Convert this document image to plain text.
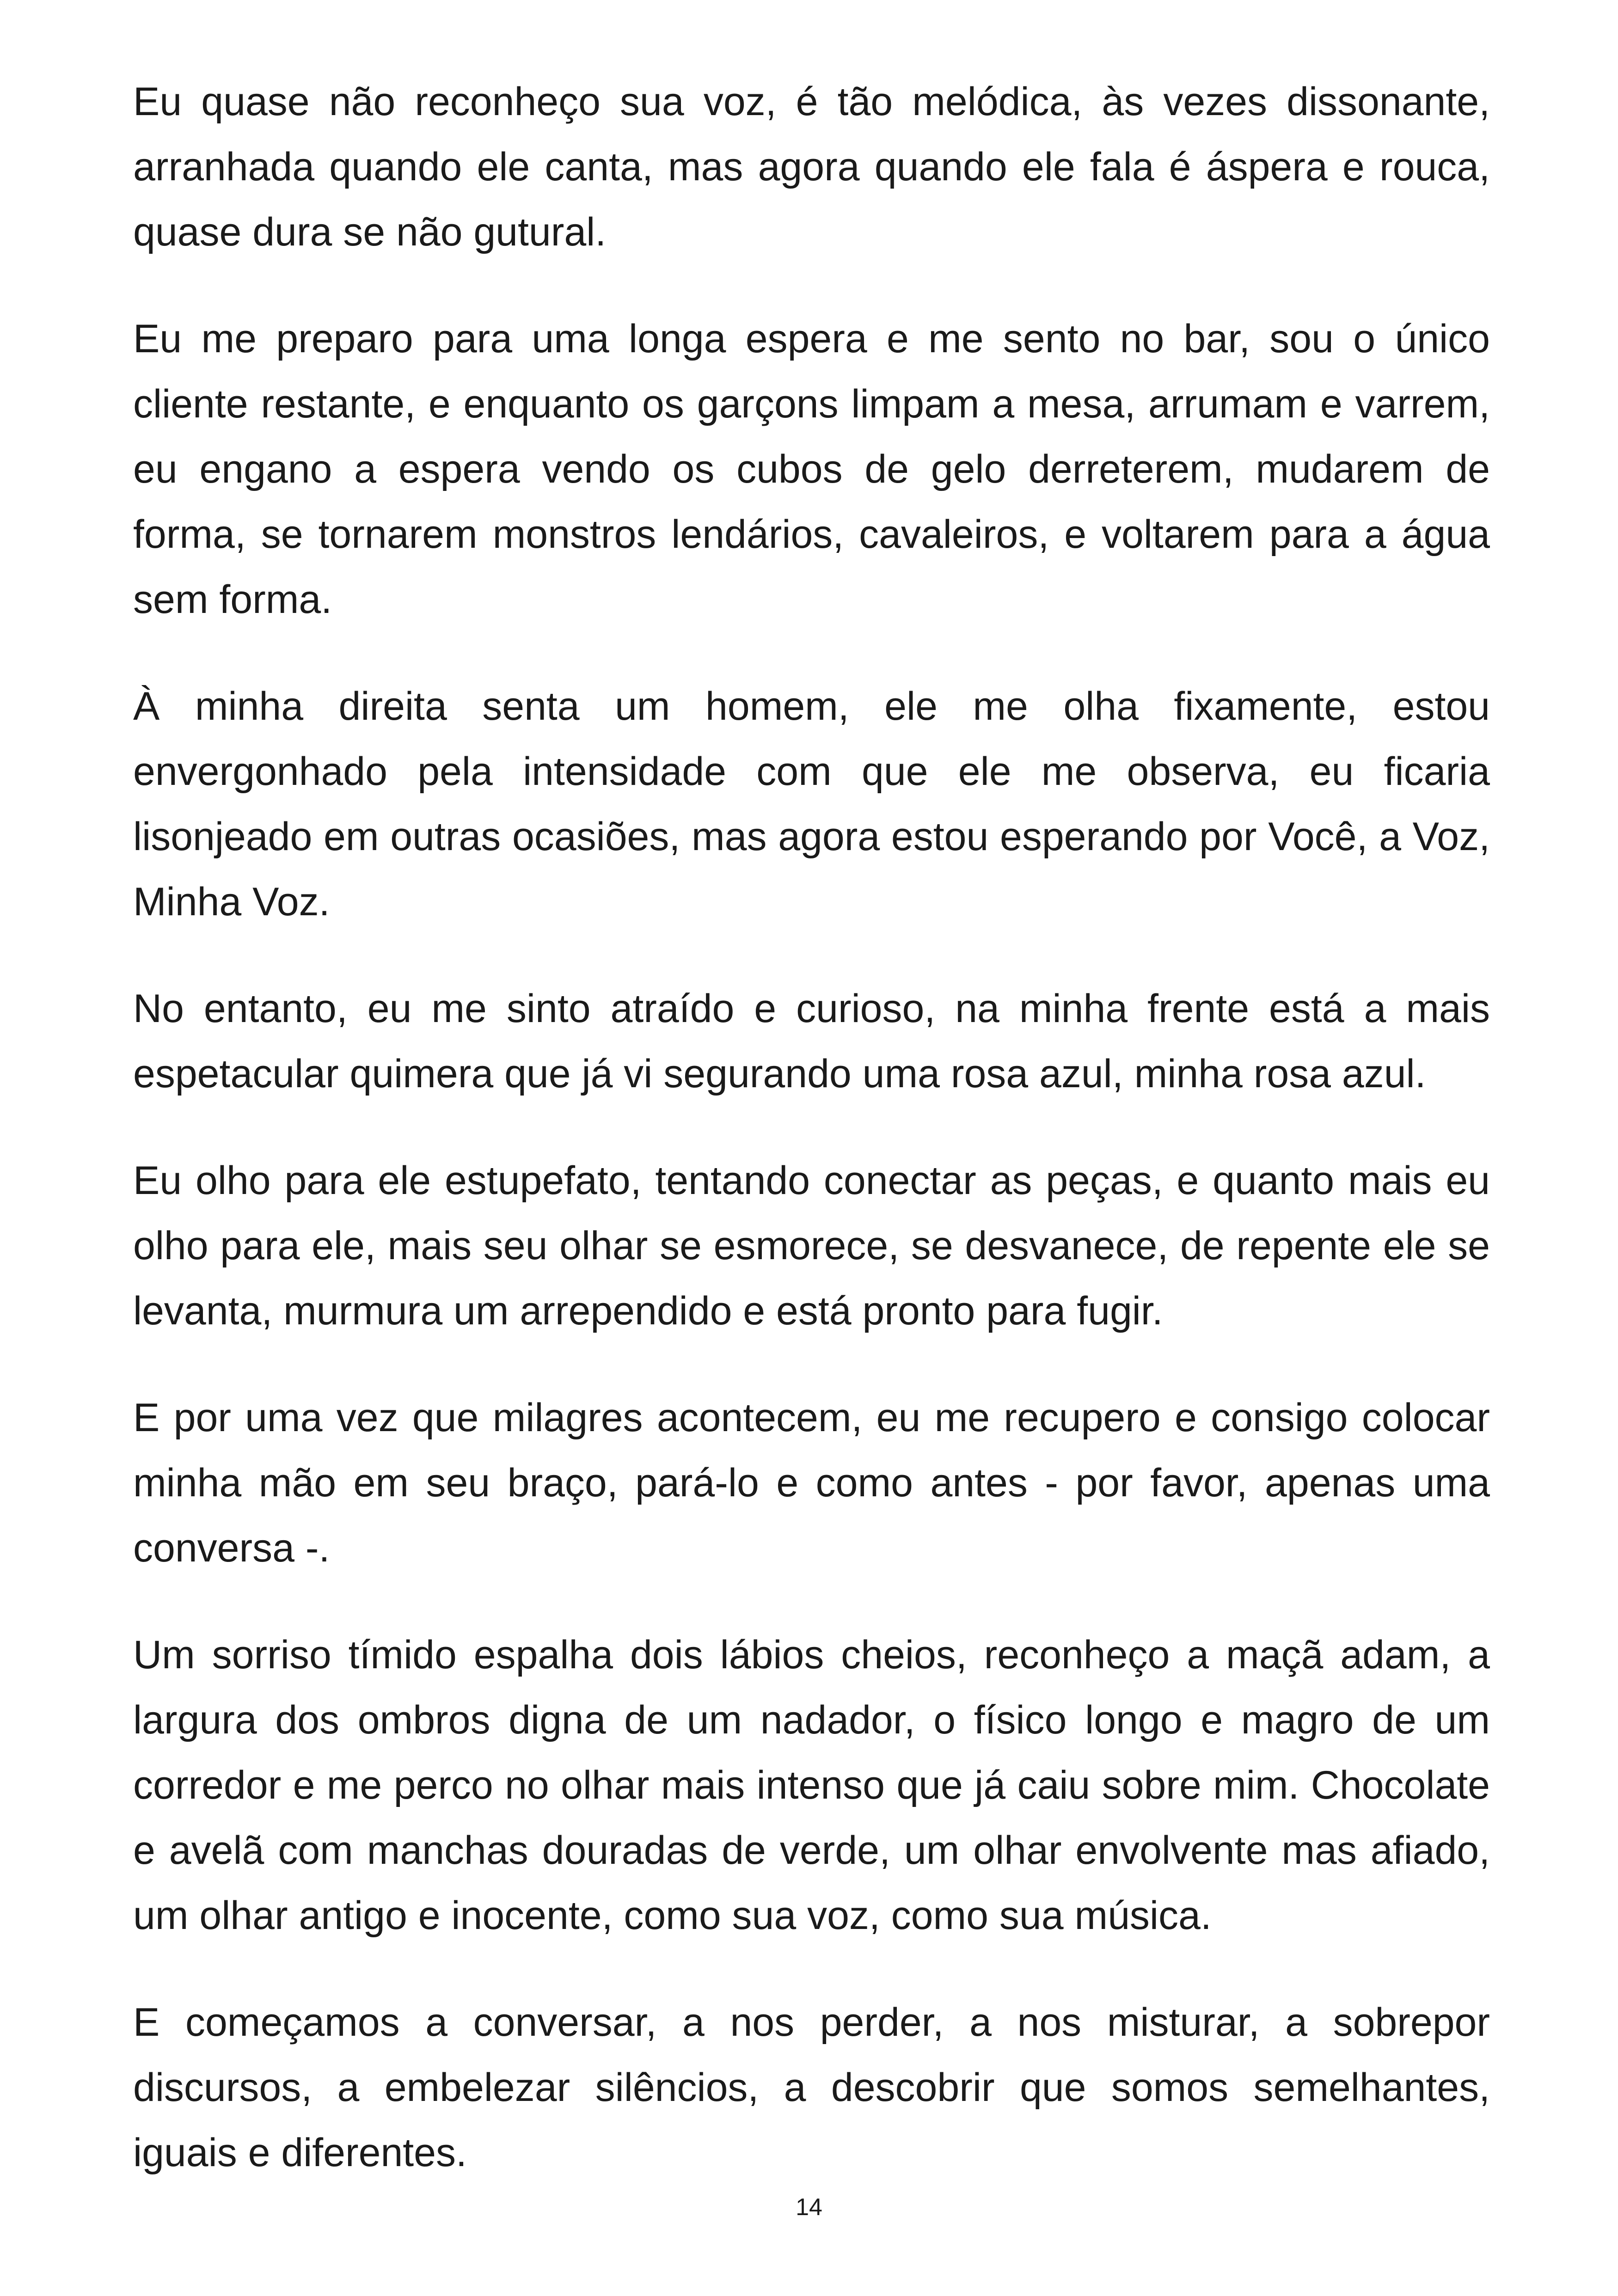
Eu quase não reconheço sua voz, é tão melódica, às vezes dissonante, arranhada quando ele canta, mas agora quando ele fala é áspera e rouca, quase dura se não gutural.

Eu me preparo para uma longa espera e me sento no bar, sou o único cliente restante, e enquanto os garçons limpam a mesa, arrumam e varrem, eu engano a espera vendo os cubos de gelo derreterem, mudarem de forma, se tornarem monstros lendários, cavaleiros, e voltarem para a água sem forma.

À minha direita senta um homem, ele me olha fixamente, estou envergonhado pela intensidade com que ele me observa, eu ficaria lisonjeado em outras ocasiões, mas agora estou esperando por Você, a Voz, Minha Voz.

No entanto, eu me sinto atraído e curioso, na minha frente está a mais espetacular quimera que já vi segurando uma rosa azul, minha rosa azul.

Eu olho para ele estupefato, tentando conectar as peças, e quanto mais eu olho para ele, mais seu olhar se esmorece, se desvanece, de repente ele se levanta, murmura um arrependido e está pronto para fugir.

E por uma vez que milagres acontecem, eu me recupero e consigo colocar minha mão em seu braço, pará-lo e como antes - por favor, apenas uma conversa -.

Um sorriso tímido espalha dois lábios cheios, reconheço a maçã adam, a largura dos ombros digna de um nadador, o físico longo e magro de um corredor e me perco no olhar mais intenso que já caiu sobre mim. Chocolate e avelã com manchas douradas de verde, um olhar envolvente mas afiado, um olhar antigo e inocente, como sua voz, como sua música.

E começamos a conversar, a nos perder, a nos misturar, a sobrepor discursos, a embelezar silêncios, a descobrir que somos semelhantes, iguais e diferentes.

14
